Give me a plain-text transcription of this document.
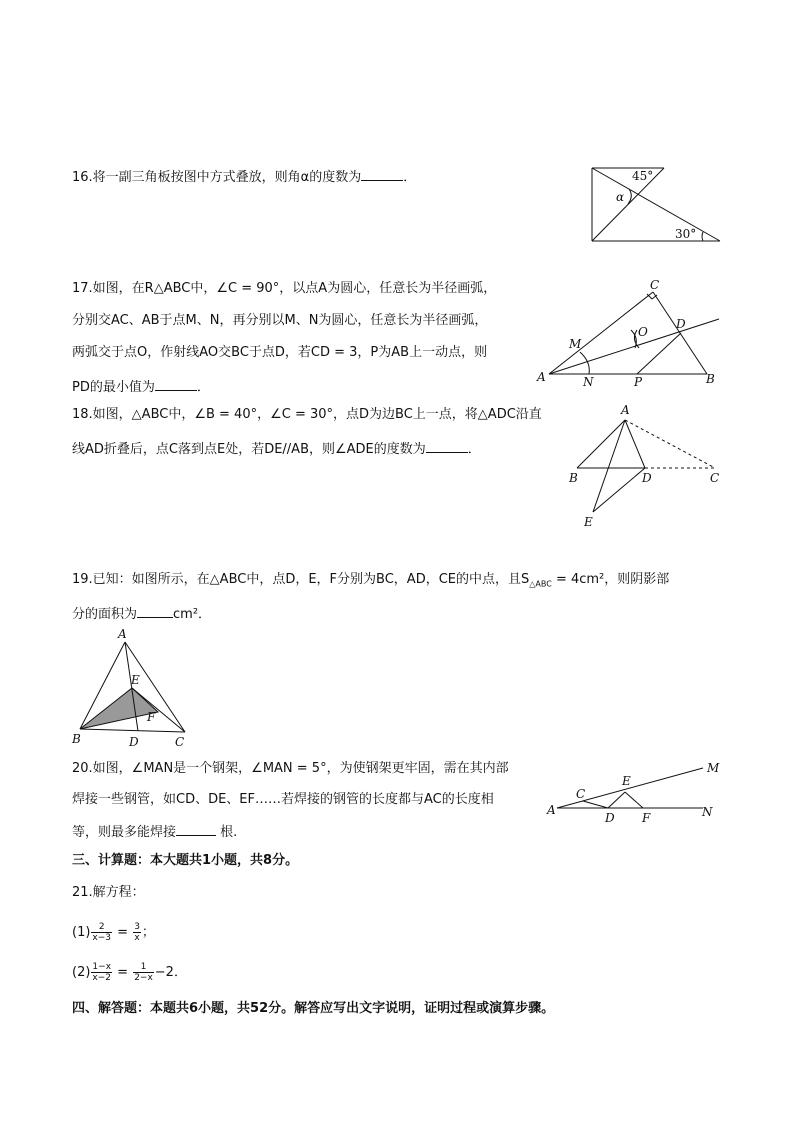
16.将一副三角板按图中方式叠放，则角α的度数为	．	45°
α
30°
17.如图，在R△ABC中，∠C = 90°，以点A为圆心，任意长为半径画弧，
分别交AC、AB于点M、N，再分别以M、N为圆心，任意长为半径画弧，
两弧交于点O，作射线AO交BC于点D，若CD = 3，P为AB上一动点，则
PD的最小值为	．
C
M
O
D
A	N	P	B
18.如图，△ABC中，∠B = 40°，∠C = 30°，点D为边BC上一点，将△ADC沿直
线AD折叠后，点C落到点E处，若DE//AB，则∠ADE的度数为	．
A
B	D	C
E
19.已知：如图所示，在△ABC中，点D，E，F分别为BC，AD，CE的中点，且$S_{\triangle ABC} = 4cm^2$，则阴影部
分的面积为	cm²．
A
E
F
B	D	C
20.如图，∠MAN是一个钢架，∠MAN = 5°，为使钢架更牢固，需在其内部
焊接一些钢管，如CD、DE、EF……若焊接的钢管的长度都与AC的长度相
等，则最多能焊接	根.
M
E
C
A
D F	N
三、计算题：本大题共1小题，共8分。
21.解方程：
$(1) \frac{2}{x-3} = \frac{3}{x}$ ；
$(2) \frac{1-x}{x-2} = \frac{1}{2-x} -2$．
四、解答题：本题共6小题，共52分。解答应写出文字说明，证明过程或演算步骤。
